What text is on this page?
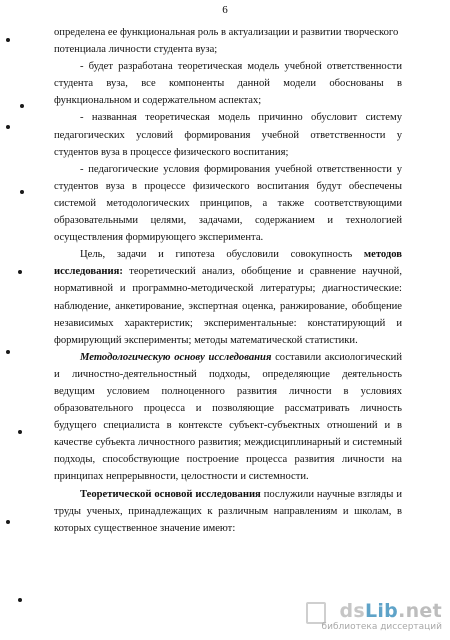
6

определена ее функциональная роль в актуализации и развитии творческого

потенциала личности студента вуза;

- будет разработана теоретическая модель учебной ответственности студента вуза, все компоненты данной модели обоснованы в функциональном и содержательном аспектах;

- названная теоретическая модель причинно обусловит систему педагогических условий формирования учебной ответственности у студентов вуза в процессе физического воспитания;

- педагогические условия формирования учебной ответственности у студентов вуза в процессе физического воспитания будут обеспечены системой методологических принципов, а также соответствующими образовательными целями, задачами, содержанием и технологией осуществления формирующего эксперимента.

Цель, задачи и гипотеза обусловили совокупность методов исследования: теоретический анализ, обобщение и сравнение научной, нормативной и программно-методической литературы; диагностические: наблюдение, анкетирование, экспертная оценка, ранжирование, обобщение независимых характеристик; экспериментальные: констатирующий и формирующий эксперименты; методы математической статистики.

Методологическую основу исследования составили аксиологический и личностно-деятельностный подходы, определяющие деятельность ведущим условием полноценного развития личности в условиях образовательного процесса и позволяющие рассматривать личность будущего специалиста в контексте субъект-субъектных отношений и в качестве субъекта личностного развития; междисциплинарный и системный подходы, способствующие построение процесса развития личности на принципах непрерывности, целостности и системности.

Теоретической основой исследования послужили научные взгляды и труды ученых, принадлежащих к различным направлениям и школам, в которых существенное значение имеют:

dsLib.net
библиотека диссертаций
